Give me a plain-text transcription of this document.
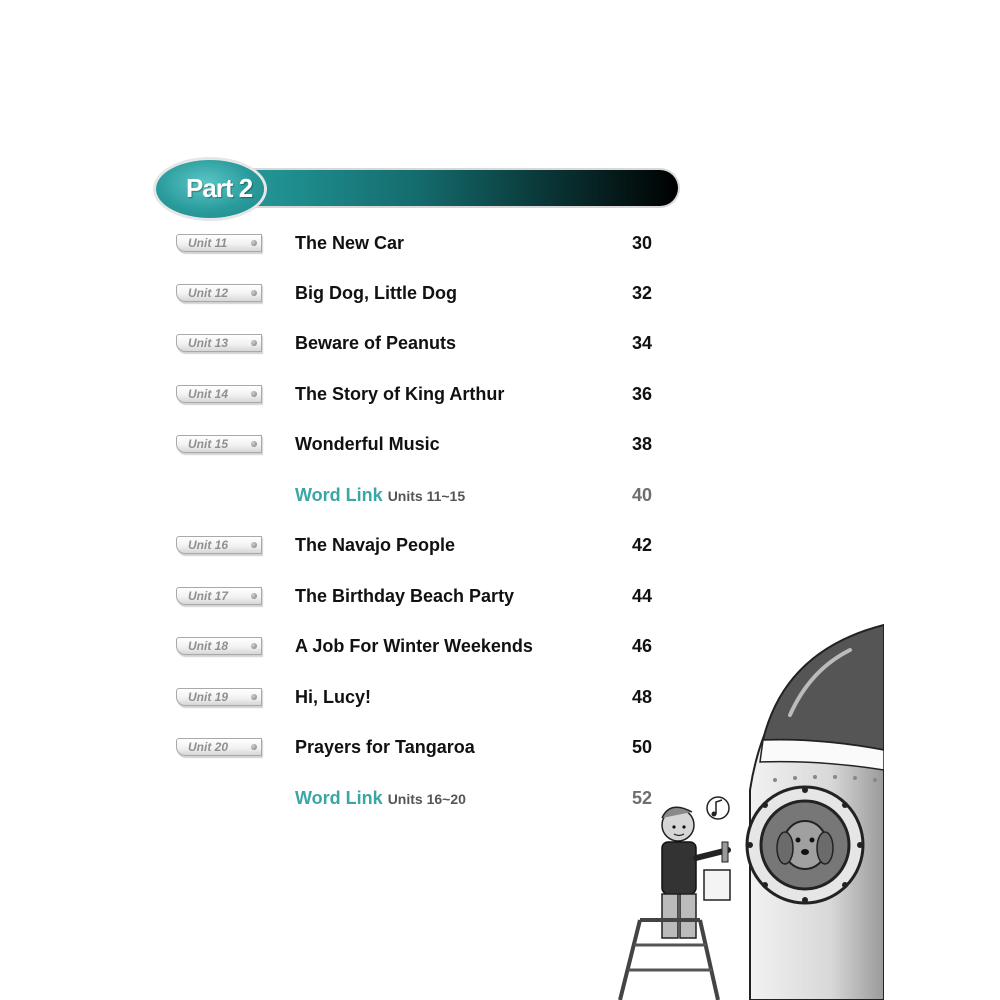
Part 2
Unit 11	The New Car	30
Unit 12	Big Dog, Little Dog	32
Unit 13	Beware of Peanuts	34
Unit 14	The Story of King Arthur	36
Unit 15	Wonderful Music	38
Word Link Units 11~15	40
Unit 16	The Navajo People	42
Unit 17	The Birthday Beach Party	44
Unit 18	A Job For Winter Weekends	46
Unit 19	Hi, Lucy!	48
Unit 20	Prayers for Tangaroa	50
Word Link Units 16~20	52
